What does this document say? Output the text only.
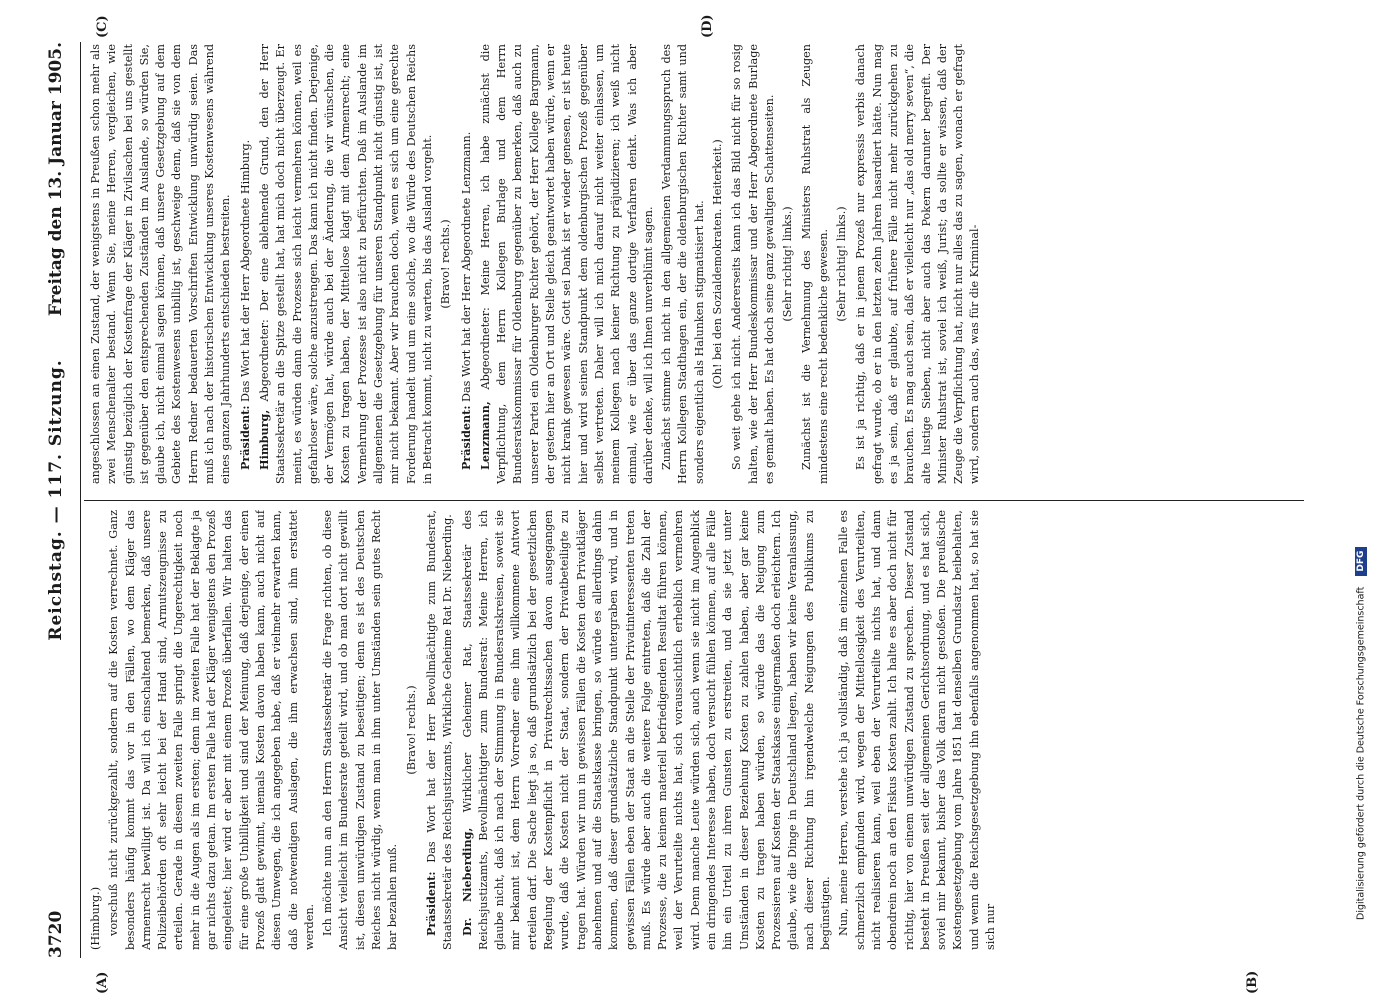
3720
Reichstag. — 117. Sitzung.
Freitag den 13. Januar 1905.
(A)	(B)
(C)	(D)

(Himburg.) vorschuß nicht zurückgezahlt, sondern auf die Kosten verrechnet. Ganz besonders häufig kommt das vor in den Fällen, wo dem Kläger das Armenrecht bewilligt ist. Da will ich einschaltend bemerken, daß unsere Polizeibehörden oft sehr leicht bei der Hand sind, Armutszeugnisse zu erteilen. Gerade in diesem zweiten Falle springt die Ungerechtigkeit noch mehr in die Augen als im ersten; denn im zweiten Falle hat der Beklagte ja gar nichts dazu getan. Im ersten Falle hat der Kläger wenigstens den Prozeß eingeleitet; hier wird er aber mit einem Prozeß überfallen. Wir halten das für eine große Unbilligkeit und sind der Meinung, daß derjenige, der einen Prozeß glatt gewinnt, niemals Kosten davon haben kann, auch nicht auf diesen Umwegen, die ich angegeben habe, daß er vielmehr erwarten kann, daß die notwendigen Auslagen, die ihm erwachsen sind, ihm erstattet werden. Ich möchte nun an den Herrn Staatssekretär die Frage richten, ob diese Ansicht vielleicht im Bundesrate geteilt wird, und ob man dort nicht gewillt ist, diesen unwürdigen Zustand zu beseitigen; denn es ist des Deutschen Reiches nicht würdig, wenn man in ihm unter Umständen sein gutes Recht bar bezahlen muß.

(Bravo! rechts.)

Präsident: Das Wort hat der Herr Bevollmächtigte zum Bundesrat, Staatssekretär des Reichsjustizamts, Wirkliche Geheime Rat Dr. Nieberding. Dr. Nieberding, Wirklicher Geheimer Rat, Staatssekretär des Reichsjustizamts, Bevollmächtigter zum Bundesrat: Meine Herren, ich glaube nicht, daß ich nach der Stimmung in Bundesratskreisen, soweit sie mir bekannt ist, dem Herrn Vorredner eine ihm willkommene Antwort erteilen darf. Die Sache liegt ja so, daß grundsätzlich bei der gesetzlichen Regelung der Kostenpflicht in Privatrechtssachen davon ausgegangen wurde, daß die Kosten nicht der Staat, sondern der Privatbeteiligte zu tragen hat. Würden wir nun in gewissen Fällen die Kosten dem Privatkläger abnehmen und auf die Staatskasse bringen, so würde es allerdings dahin kommen, daß dieser grundsätzliche Standpunkt untergraben wird, und in gewissen Fällen eben der Staat an die Stelle der Privatinteressenten treten muß. Es würde aber auch die weitere Folge eintreten, daß die Zahl der Prozesse, die zu keinem materiell befriedigenden Resultat führen können, weil der Verurteilte nichts hat, sich voraussichtlich erheblich vermehren wird. Denn manche Leute würden sich, auch wenn sie nicht im Augenblick ein dringendes Interesse haben, doch versucht fühlen können, auf alle Fälle hin ein Urteil zu ihren Gunsten zu erstreiten, und da sie jetzt unter Umständen in dieser Beziehung Kosten zu zahlen haben, aber gar keine Kosten zu tragen haben würden, so würde das die Neigung zum Prozessieren auf Kosten der Staatskasse einigermaßen doch erleichtern. Ich glaube, wie die Dinge in Deutschland liegen, haben wir keine Veranlassung, nach dieser Richtung hin irgendwelche Neigungen des Publikums zu begünstigen. Nun, meine Herren, verstehe ich ja vollständig, daß im einzelnen Falle es schmerzlich empfunden wird, wegen der Mittellosigkeit des Verurteilten, nicht realisieren kann, weil eben der Verurteilte nichts hat, und dann obendrein noch an den Fiskus Kosten zahlt. Ich halte es aber doch nicht für richtig, hier von einem unwürdigen Zustand zu sprechen. Dieser Zustand besteht in Preußen seit der allgemeinen Gerichtsordnung, und es hat sich, soviel mir bekannt, bisher das Volk daran nicht gestoßen. Die preußische Kostengesetzgebung vom Jahre 1851 hat denselben Grundsatz beibehalten, und wenn die Reichsgesetzgebung ihn ebenfalls angenommen hat, so hat sie sich nur

angeschlossen an einen Zustand, der wenigstens in Preußen schon mehr als zwei Menschenalter bestand. Wenn Sie, meine Herren, vergleichen, wie günstig bezüglich der Kostenfrage der Kläger in Zivilsachen bei uns gestellt ist gegenüber den entsprechenden Zuständen im Auslande, so würden Sie, glaube ich, nicht einmal sagen können, daß unsere Gesetzgebung auf dem Gebiete des Kostenwesens unbillig ist, geschweige denn, daß sie von dem Herrn Redner bedauerten Vorschriften Entwicklung unwürdig seien. Das muß ich nach der historischen Entwicklung unseres Kostenwesens während eines ganzen Jahrhunderts entschieden bestreiten. Präsident: Das Wort hat der Herr Abgeordnete Himburg.

Himburg, Abgeordneter: Der eine ablehnende Grund, den der Herr Staatssekretär an die Spitze gestellt hat, hat mich doch nicht überzeugt. Er meint, es würden dann die Prozesse sich leicht vermehren können, weil es gefahrloser wäre, solche anzustrengen. Das kann ich nicht finden. Derjenige, der Vermögen hat, würde auch bei der Änderung, die wir wünschen, die Kosten zu tragen haben, der Mittellose klagt mit dem Armenrecht; eine Vermehrung der Prozesse ist also nicht zu befürchten. Daß im Auslande im allgemeinen die Gesetzgebung für unseren Standpunkt nicht günstig ist, ist mir nicht bekannt. Aber wir brauchen doch, wenn es sich um eine gerechte Forderung handelt und um eine solche, wo die Würde des Deutschen Reichs in Betracht kommt, nicht zu warten, bis das Ausland vorgeht. (Bravo! rechts.)

Präsident: Das Wort hat der Herr Abgeordnete Lenzmann.

Lenzmann, Abgeordneter: Meine Herren, ich habe zunächst die Verpflichtung, dem Herrn Kollegen Burlage und dem Herrn Bundesratskommissar für Oldenburg gegenüber zu bemerken, daß auch zu unserer Partei ein Oldenburger Richter gehört, der Herr Kollege Bargmann, der gestern hier an Ort und Stelle gleich geantwortet haben würde, wenn er nicht krank gewesen wäre. Gott sei Dank ist er wieder genesen, er ist heute hier und wird seinen Standpunkt dem oldenburgischen Prozeß gegenüber selbst vertreten. Daher will ich mich darauf nicht weiter einlassen, um meinem Kollegen nach keiner Richtung zu präjudizieren; ich weiß nicht einmal, wie er über das ganze dortige Verfahren denkt. Was ich aber darüber denke, will ich Ihnen unverblümt sagen. Zunächst stimme ich nicht in den allgemeinen Verdammungsspruch des Herrn Kollegen Stadthagen ein, der die oldenburgischen Richter samt und sonders eigentlich als Halunken stigmatisiert hat. (Oh! bei den Sozialdemokraten. Heiterkeit.) So weit gehe ich nicht. Andererseits kann ich das Bild nicht für so rosig halten, wie der Herr Bundeskommissar und der Herr Abgeordnete Burlage es gemalt haben. Es hat doch seine ganz gewaltigen Schattenseiten. (Sehr richtig! links.) Zunächst ist die Vernehmung des Ministers Ruhstrat als Zeugen mindestens eine recht bedenkliche gewesen. (Sehr richtig! links.) Es ist ja richtig, daß er in jenem Prozeß nur expressis verbis danach gefragt wurde, ob er in den letzten zehn Jahren hasardiert hätte. Nun mag es ja sein, daß er glaubte, auf frühere Fälle nicht mehr zurückgehen zu brauchen. Es mag auch sein, daß er vielleicht nur „das old merry seven“, die alte lustige Sieben, nicht aber auch das Pokern darunter begreift. Der Minister Ruhstrat ist, soviel ich weiß, Jurist; da sollte er wissen, daß der Zeuge die Verpflichtung hat, nicht nur alles das zu sagen, wonach er gefragt wird, sondern auch das, was für die Kriminal-

Digitalisierung gefördert durch die Deutsche Forschungsgemeinschaft DFG
